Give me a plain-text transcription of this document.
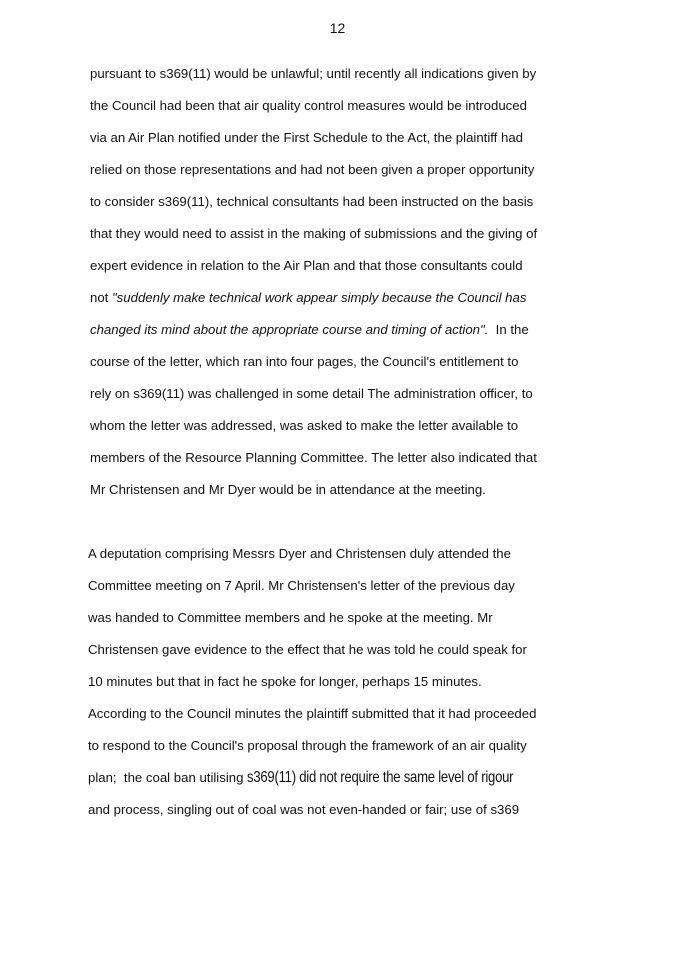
12
pursuant to s369(11) would be unlawful; until recently all indications given by
the Council had been that air quality control measures would be introduced
via an Air Plan notified under the First Schedule to the Act, the plaintiff had
relied on those representations and had not been given a proper opportunity
to consider s369(11), technical consultants had been instructed on the basis
that they would need to assist in the making of submissions and the giving of
expert evidence in relation to the Air Plan and that those consultants could
not "suddenly make technical work appear simply because the Council has
changed its mind about the appropriate course and timing of action".  In the
course of the letter, which ran into four pages, the Council's entitlement to
rely on s369(11) was challenged in some detail The administration officer, to
whom the letter was addressed, was asked to make the letter available to
members of the Resource Planning Committee. The letter also indicated that
Mr Christensen and Mr Dyer would be in attendance at the meeting.
A deputation comprising Messrs Dyer and Christensen duly attended the
Committee meeting on 7 April. Mr Christensen's letter of the previous day
was handed to Committee members and he spoke at the meeting. Mr
Christensen gave evidence to the effect that he was told he could speak for
10 minutes but that in fact he spoke for longer, perhaps 15 minutes.
According to the Council minutes the plaintiff submitted that it had proceeded
to respond to the Council's proposal through the framework of an air quality
plan;  the coal ban utilising s369(11) did not require the same level of rigour
and process, singling out of coal was not even-handed or fair; use of s369
